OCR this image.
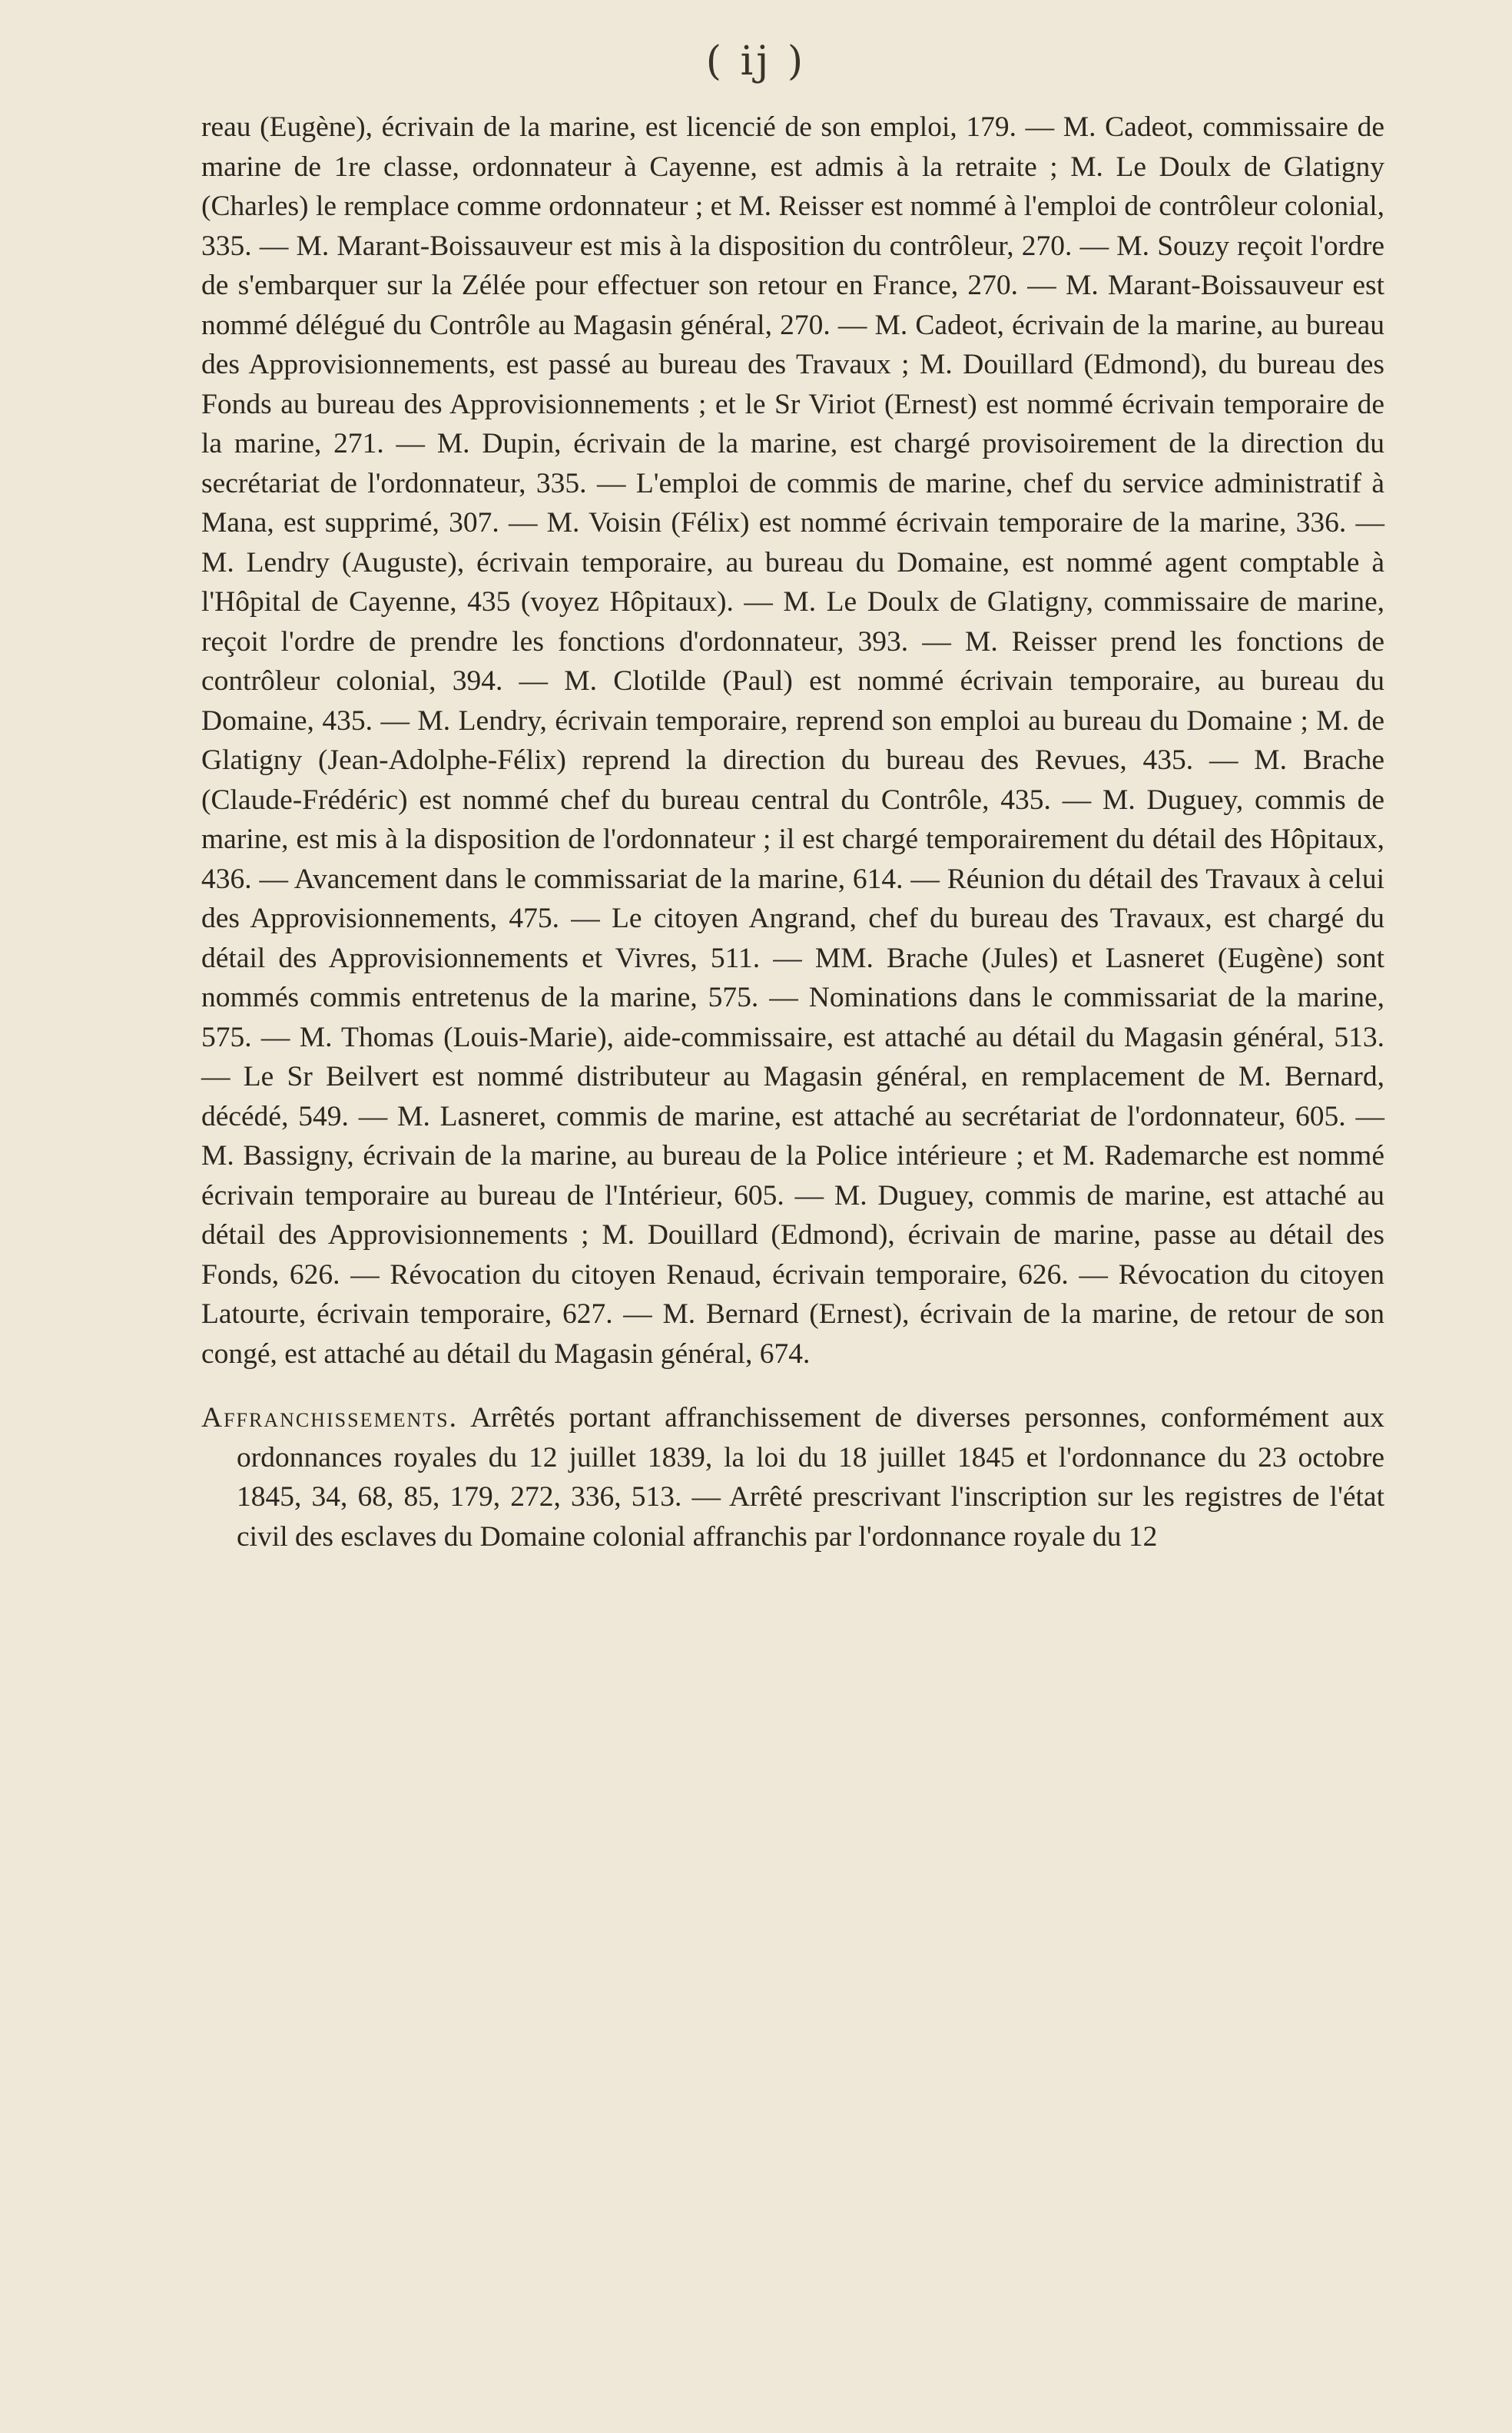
( ij )

reau (Eugène), écrivain de la marine, est licencié de son emploi, 179. — M. Cadeot, commissaire de marine de 1re classe, ordonnateur à Cayenne, est admis à la retraite ; M. Le Doulx de Glatigny (Charles) le remplace comme ordonnateur ; et M. Reisser est nommé à l'emploi de contrôleur colonial, 335. — M. Marant-Boissauveur est mis à la disposition du contrôleur, 270. — M. Souzy reçoit l'ordre de s'embarquer sur la Zélée pour effectuer son retour en France, 270. — M. Marant-Boissauveur est nommé délégué du Contrôle au Magasin général, 270. — M. Cadeot, écrivain de la marine, au bureau des Approvisionnements, est passé au bureau des Travaux ; M. Douillard (Edmond), du bureau des Fonds au bureau des Approvisionnements ; et le Sr Viriot (Ernest) est nommé écrivain temporaire de la marine, 271. — M. Dupin, écrivain de la marine, est chargé provisoirement de la direction du secrétariat de l'ordonnateur, 335. — L'emploi de commis de marine, chef du service administratif à Mana, est supprimé, 307. — M. Voisin (Félix) est nommé écrivain temporaire de la marine, 336. — M. Lendry (Auguste), écrivain temporaire, au bureau du Domaine, est nommé agent comptable à l'Hôpital de Cayenne, 435 (voyez Hôpitaux). — M. Le Doulx de Glatigny, commissaire de marine, reçoit l'ordre de prendre les fonctions d'ordonnateur, 393. — M. Reisser prend les fonctions de contrôleur colonial, 394. — M. Clotilde (Paul) est nommé écrivain temporaire, au bureau du Domaine, 435. — M. Lendry, écrivain temporaire, reprend son emploi au bureau du Domaine ; M. de Glatigny (Jean-Adolphe-Félix) reprend la direction du bureau des Revues, 435. — M. Brache (Claude-Frédéric) est nommé chef du bureau central du Contrôle, 435. — M. Duguey, commis de marine, est mis à la disposition de l'ordonnateur ; il est chargé temporairement du détail des Hôpitaux, 436. — Avancement dans le commissariat de la marine, 614. — Réunion du détail des Travaux à celui des Approvisionnements, 475. — Le citoyen Angrand, chef du bureau des Travaux, est chargé du détail des Approvisionnements et Vivres, 511. — MM. Brache (Jules) et Lasneret (Eugène) sont nommés commis entretenus de la marine, 575. — Nominations dans le commissariat de la marine, 575. — M. Thomas (Louis-Marie), aide-commissaire, est attaché au détail du Magasin général, 513. — Le Sr Beilvert est nommé distributeur au Magasin général, en remplacement de M. Bernard, décédé, 549. — M. Lasneret, commis de marine, est attaché au secrétariat de l'ordonnateur, 605. — M. Bassigny, écrivain de la marine, au bureau de la Police intérieure ; et M. Rademarche est nommé écrivain temporaire au bureau de l'Intérieur, 605. — M. Duguey, commis de marine, est attaché au détail des Approvisionnements ; M. Douillard (Edmond), écrivain de marine, passe au détail des Fonds, 626. — Révocation du citoyen Renaud, écrivain temporaire, 626. — Révocation du citoyen Latourte, écrivain temporaire, 627. — M. Bernard (Ernest), écrivain de la marine, de retour de son congé, est attaché au détail du Magasin général, 674.

Affranchissements. Arrêtés portant affranchissement de diverses personnes, conformément aux ordonnances royales du 12 juillet 1839, la loi du 18 juillet 1845 et l'ordonnance du 23 octobre 1845, 34, 68, 85, 179, 272, 336, 513. — Arrêté prescrivant l'inscription sur les registres de l'état civil des esclaves du Domaine colonial affranchis par l'ordonnance royale du 12
